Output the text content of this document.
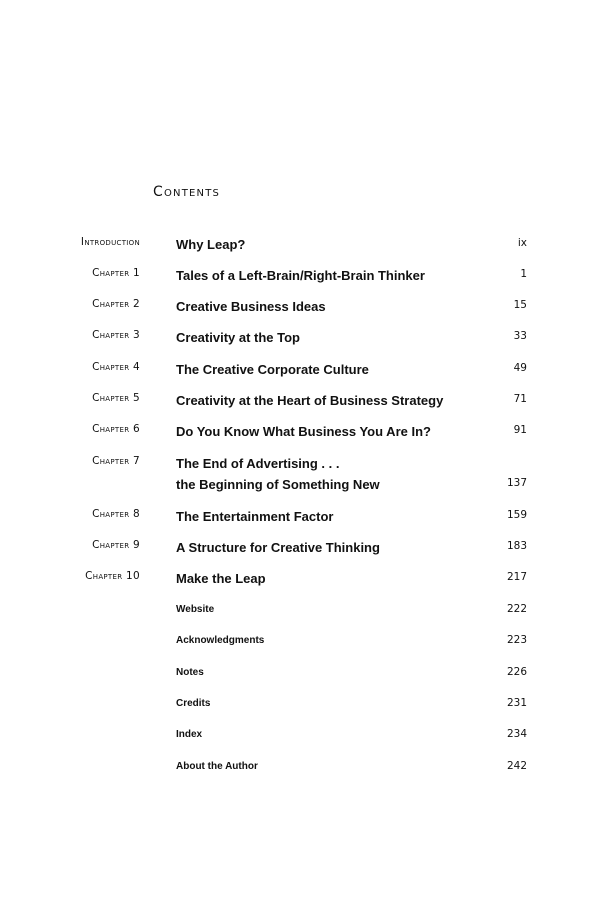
Contents
Introduction	Why Leap?	ix
Chapter 1	Tales of a Left-Brain/Right-Brain Thinker	1
Chapter 2	Creative Business Ideas	15
Chapter 3	Creativity at the Top	33
Chapter 4	The Creative Corporate Culture	49
Chapter 5	Creativity at the Heart of Business Strategy	71
Chapter 6	Do You Know What Business You Are In?	91
Chapter 7	The End of Advertising . . .
the Beginning of Something New	137
Chapter 8	The Entertainment Factor	159
Chapter 9	A Structure for Creative Thinking	183
Chapter 10	Make the Leap	217
Website	222
Acknowledgments	223
Notes	226
Credits	231
Index	234
About the Author	242
